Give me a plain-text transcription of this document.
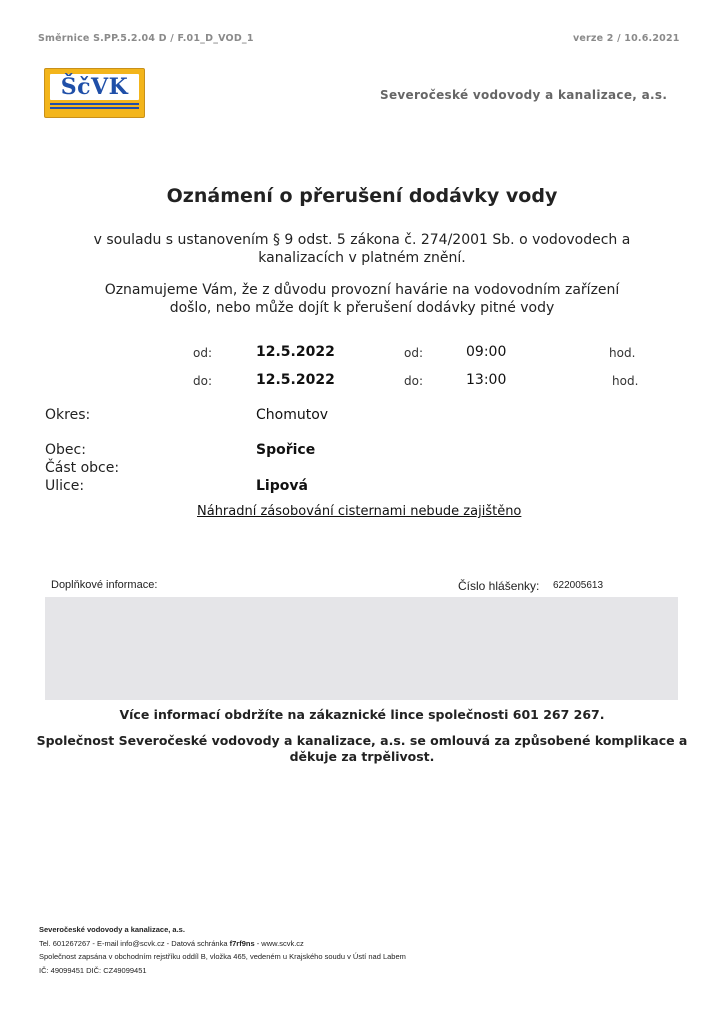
Směrnice S.PP.5.2.04 D / F.01_D_VOD_1	verze 2 / 10.6.2021
ŠčVK	Severočeské vodovody a kanalizace, a.s.
Oznámení o přerušení dodávky vody
v souladu s ustanovením § 9 odst. 5 zákona č. 274/2001 Sb. o vodovodech a
kanalizacích v platném znění.
Oznamujeme Vám, že z důvodu provozní havárie na vodovodním zařízení
došlo, nebo může dojít k přerušení dodávky pitné vody
od:	12.5.2022	od:	09:00	hod.
do:	12.5.2022	do:	13:00	hod.
Okres:	Chomutov
Obec:	Spořice
Část obce:
Ulice:	Lipová
Náhradní zásobování cisternami nebude zajištěno
Doplňkové informace:	Číslo hlášenky: 622005613
Více informací obdržíte na zákaznické lince společnosti 601 267 267.
Společnost Severočeské vodovody a kanalizace, a.s. se omlouvá za způsobené komplikace a
děkuje za trpělivost.
Severočeské vodovody a kanalizace, a.s.
Tel. 601267267 - E-mail info@scvk.cz - Datová schránka f7rf9ns - www.scvk.cz
Společnost zapsána v obchodním rejstříku oddíl B, vložka 465, vedeném u Krajského soudu v Ústí nad Labem
IČ: 49099451 DIČ: CZ49099451
